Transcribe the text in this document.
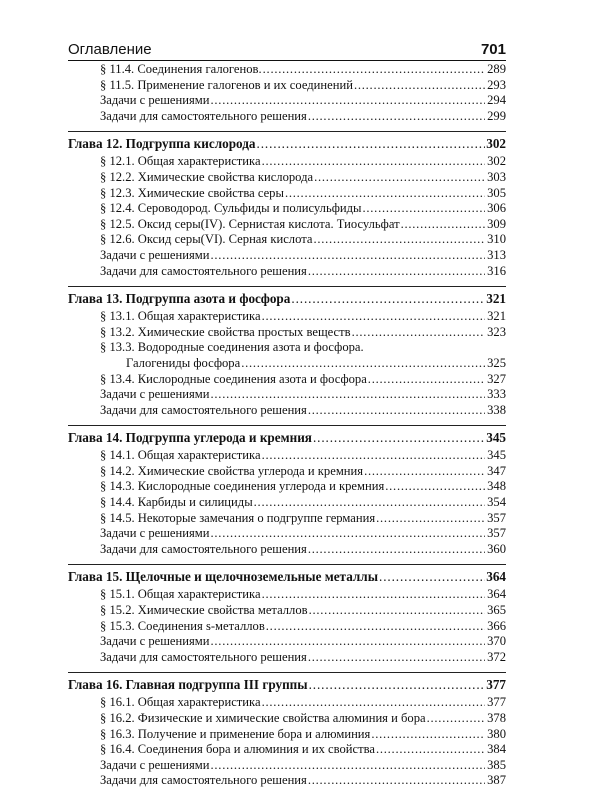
Оглавление	701
§ 11.4. Соединения галогенов. . . .	289
§ 11.5. Применение галогенов и их соединений . . .	293
Задачи с решениями . . .	294
Задачи для самостоятельного решения . . .	299
Глава 12. Подгруппа кислорода . . .	302
§ 12.1. Общая характеристика . . .	302
§ 12.2. Химические свойства кислорода . . .	303
§ 12.3. Химические свойства серы . . .	305
§ 12.4. Сероводород. Сульфиды и полисульфиды . . .	306
§ 12.5. Оксид серы(IV). Сернистая кислота. Тиосульфат . . .	309
§ 12.6. Оксид серы(VI). Серная кислота . . .	310
Задачи с решениями . . .	313
Задачи для самостоятельного решения . . .	316
Глава 13. Подгруппа азота и фосфора . . .	321
§ 13.1. Общая характеристика . . .	321
§ 13.2. Химические свойства простых веществ . . .	323
§ 13.3. Водородные соединения азота и фосфора.
Галогениды фосфора . . .	325
§ 13.4. Кислородные соединения азота и фосфора . . .	327
Задачи с решениями . . .	333
Задачи для самостоятельного решения . . .	338
Глава 14. Подгруппа углерода и кремния . . .	345
§ 14.1. Общая характеристика . . .	345
§ 14.2. Химические свойства углерода и кремния . . .	347
§ 14.3. Кислородные соединения углерода и кремния . . .	348
§ 14.4. Карбиды и силициды . . .	354
§ 14.5. Некоторые замечания о подгруппе германия . . .	357
Задачи с решениями . . .	357
Задачи для самостоятельного решения . . .	360
Глава 15. Щелочные и щелочноземельные металлы . . .	364
§ 15.1. Общая характеристика . . .	364
§ 15.2. Химические свойства металлов . . .	365
§ 15.3. Соединения s-металлов . . .	366
Задачи с решениями . . .	370
Задачи для самостоятельного решения . . .	372
Глава 16. Главная подгруппа III группы . . .	377
§ 16.1. Общая характеристика . . .	377
§ 16.2. Физические и химические свойства алюминия и бора . . .	378
§ 16.3. Получение и применение бора и алюминия . . .	380
§ 16.4. Соединения бора и алюминия и их свойства . . .	384
Задачи с решениями . . .	385
Задачи для самостоятельного решения . . .	387
